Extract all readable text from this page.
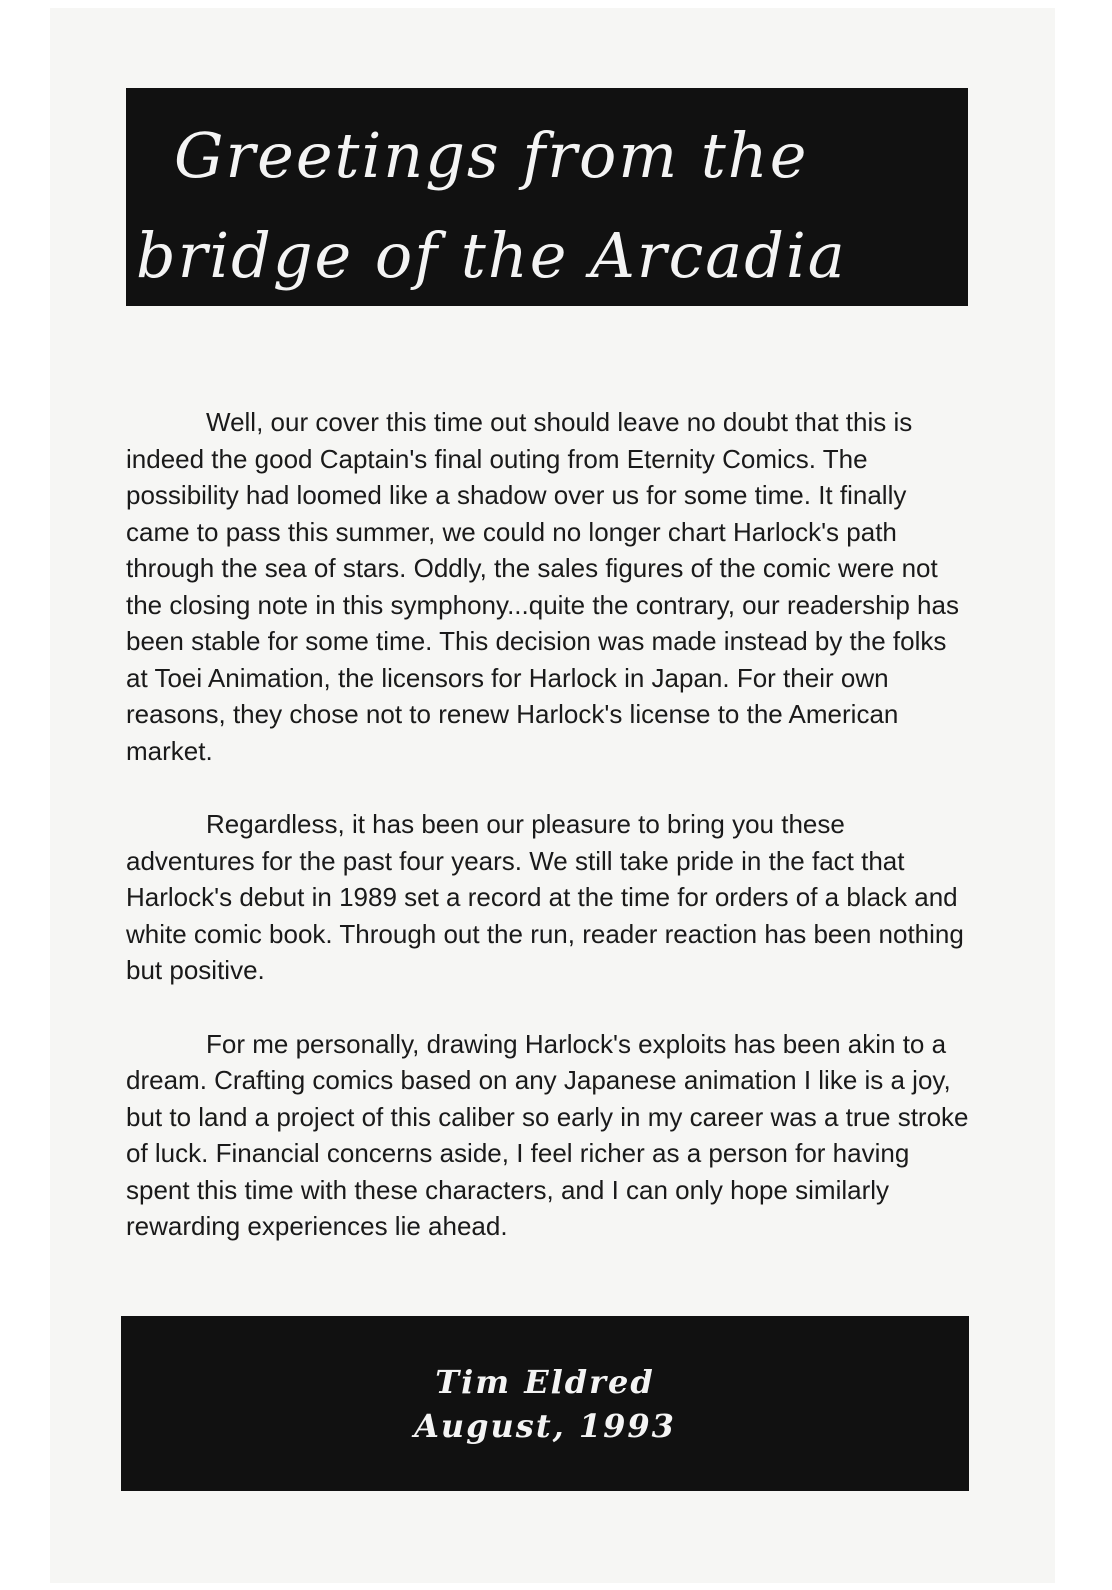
Greetings from the
bridge of the Arcadia

Well, our cover this time out should leave no doubt that this is indeed the good Captain's final outing from Eternity Comics. The possibility had loomed like a shadow over us for some time. It finally came to pass this summer, we could no longer chart Harlock's path through the sea of stars. Oddly, the sales figures of the comic were not the closing note in this symphony...quite the contrary, our readership has been stable for some time. This decision was made instead by the folks at Toei Animation, the licensors for Harlock in Japan. For their own reasons, they chose not to renew Harlock's license to the American market.

Regardless, it has been our pleasure to bring you these adventures for the past four years. We still take pride in the fact that Harlock's debut in 1989 set a record at the time for orders of a black and white comic book. Through out the run, reader reaction has been nothing but positive.

For me personally, drawing Harlock's exploits has been akin to a dream. Crafting comics based on any Japanese animation I like is a joy, but to land a project of this caliber so early in my career was a true stroke of luck. Financial concerns aside, I feel richer as a person for having spent this time with these characters, and I can only hope similarly rewarding experiences lie ahead.

Tim Eldred
August, 1993
